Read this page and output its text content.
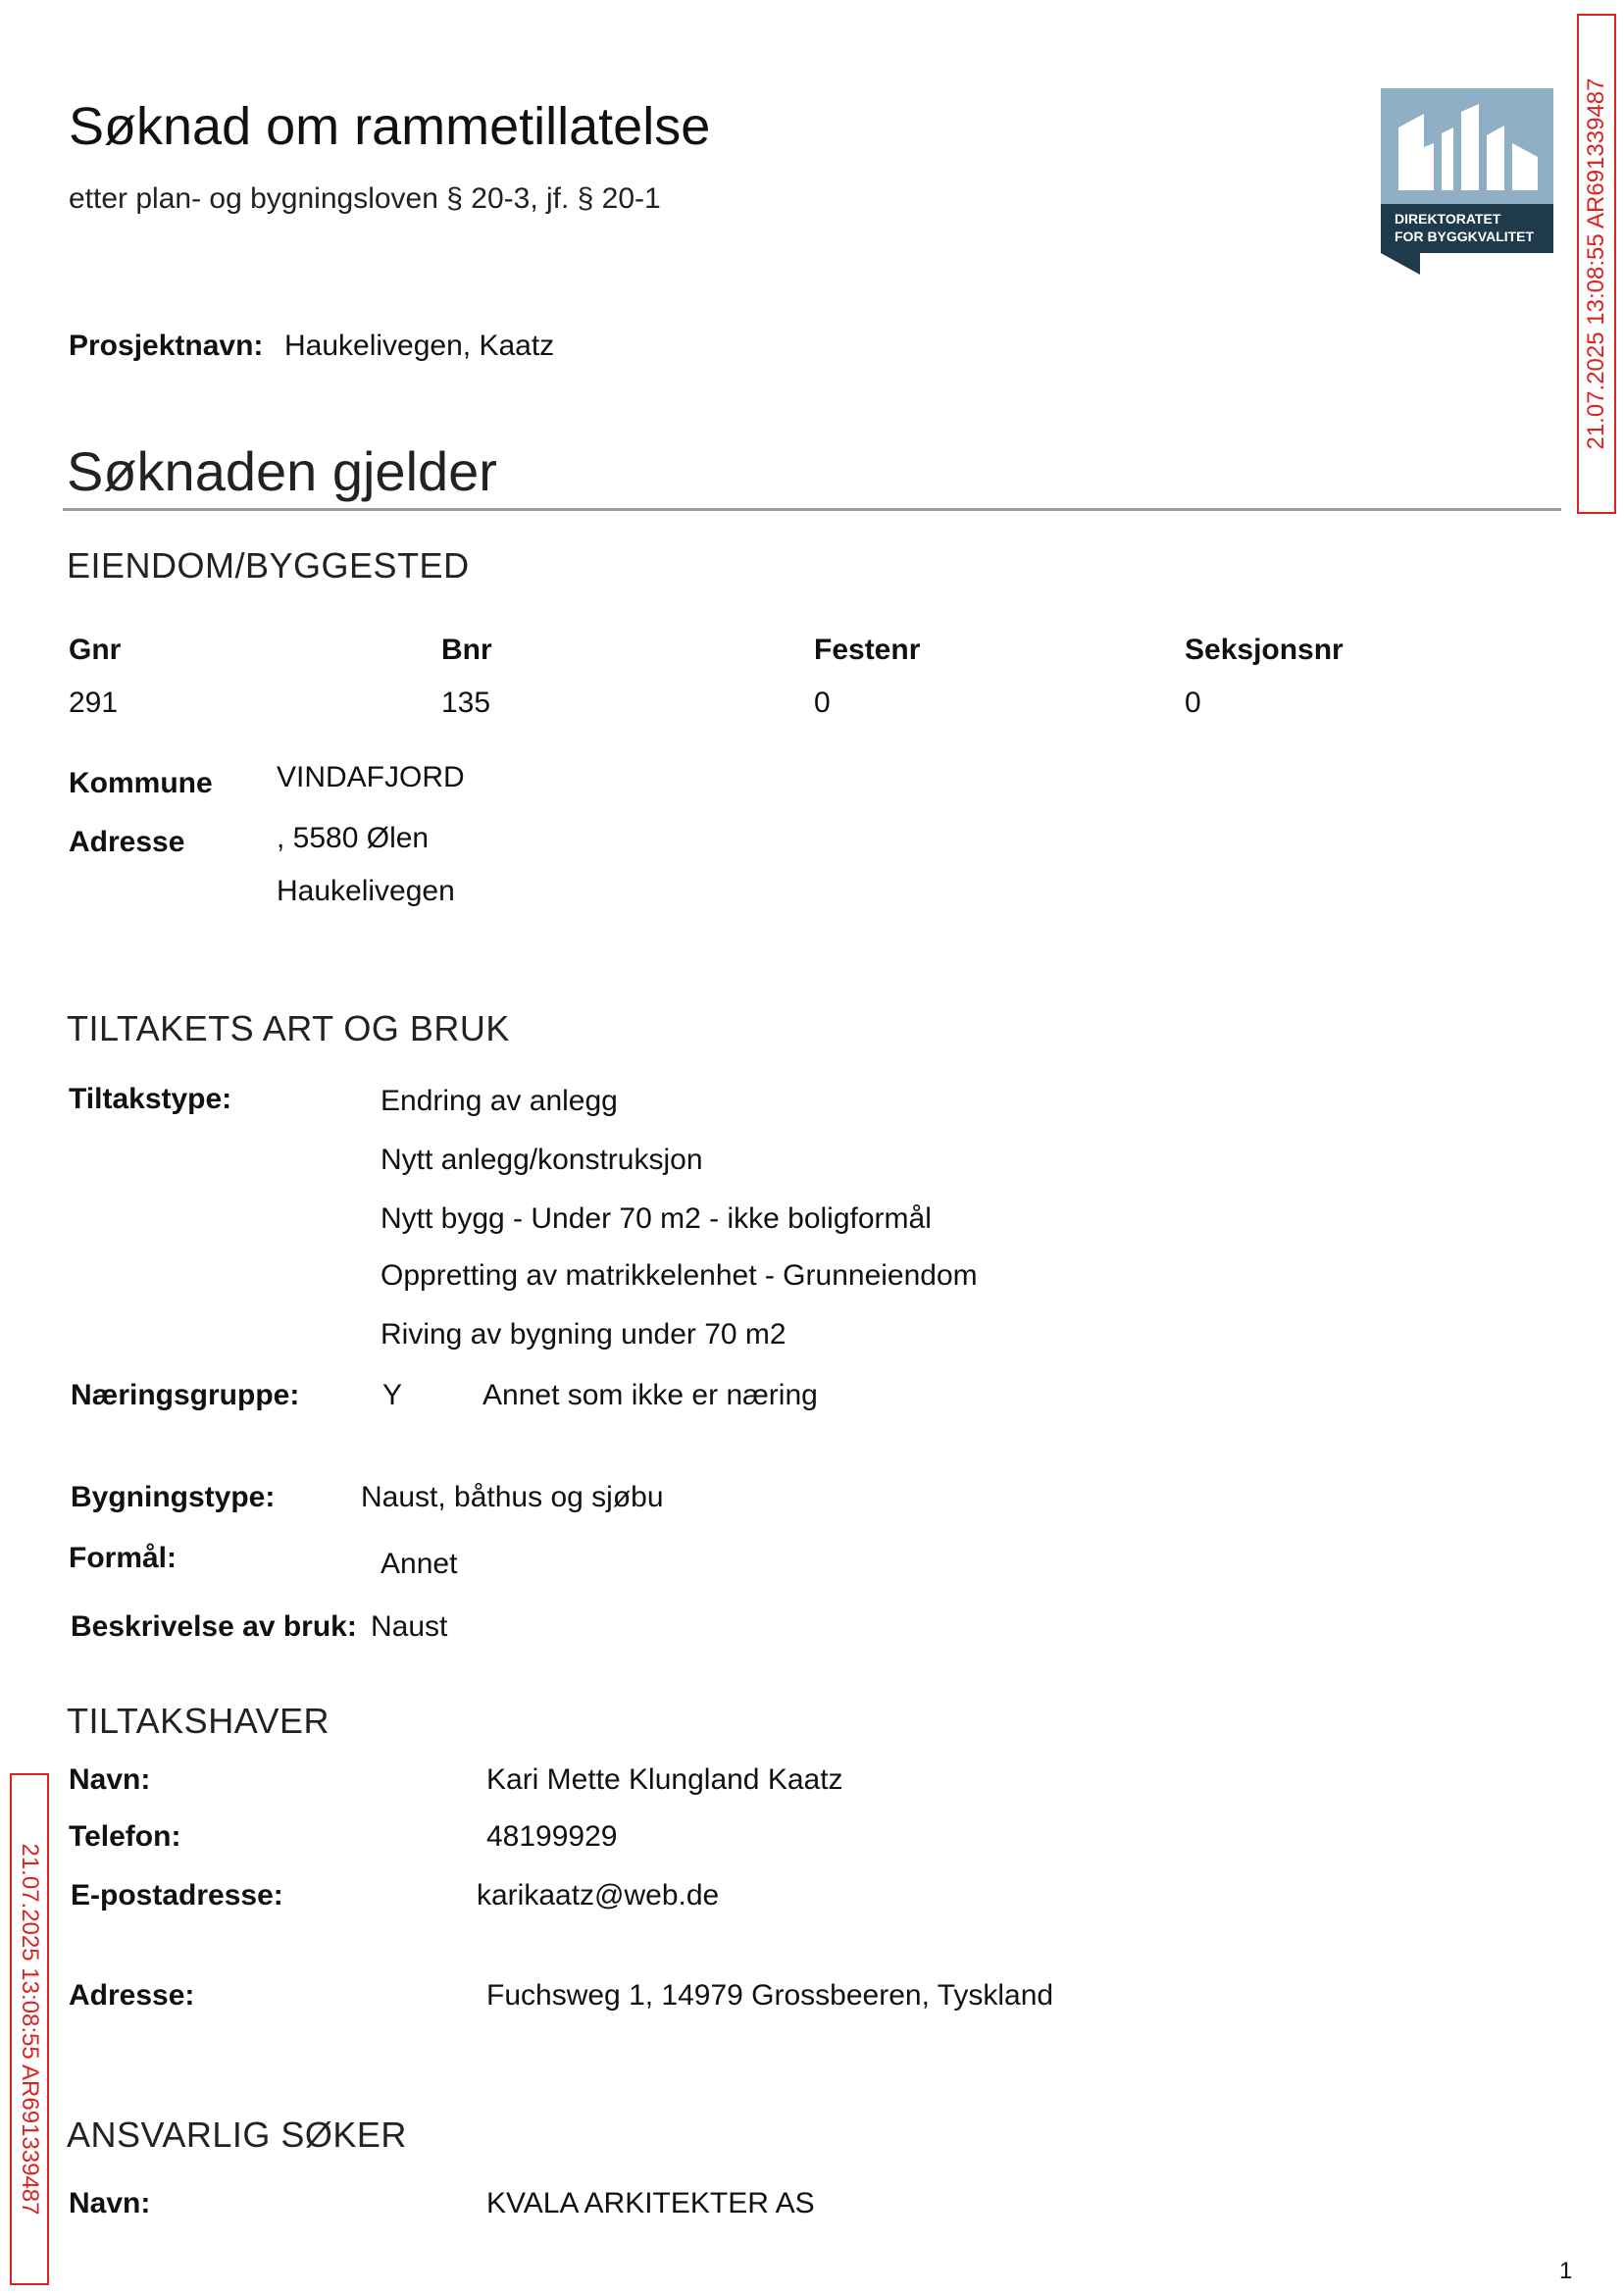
Søknad om rammetillatelse
etter plan- og bygningsloven § 20-3, jf. § 20-1
DIREKTORATET
FOR BYGGKVALITET 21.07.2025 13:08:55 AR691339487
21.07.2025 13:08:55 AR691339487
Prosjektnavn: Haukelivegen, Kaatz
Søknaden gjelder
EIENDOM/BYGGESTED
Gnr	Bnr	Festenr	Seksjonsnr
291	135	0	0
Kommune VINDAFJORD
Adresse	, 5580 Ølen
Haukelivegen
TILTAKETS ART OG BRUK
Tiltakstype:	Endring av anlegg
Nytt anlegg/konstruksjon
Nytt bygg - Under 70 m2 - ikke boligformål
Oppretting av matrikkelenhet - Grunneiendom
Riving av bygning under 70 m2
Næringsgruppe:	Y	Annet som ikke er næring
Bygningstype:	Naust, båthus og sjøbu
Formål:	Annet
Beskrivelse av bruk: Naust
TILTAKSHAVER
Navn:	Kari Mette Klungland Kaatz
Telefon:	48199929
E-postadresse:	karikaatz@web.de
Adresse:	Fuchsweg 1, 14979 Grossbeeren, Tyskland
ANSVARLIG SØKER
Navn:	KVALA ARKITEKTER AS
1
